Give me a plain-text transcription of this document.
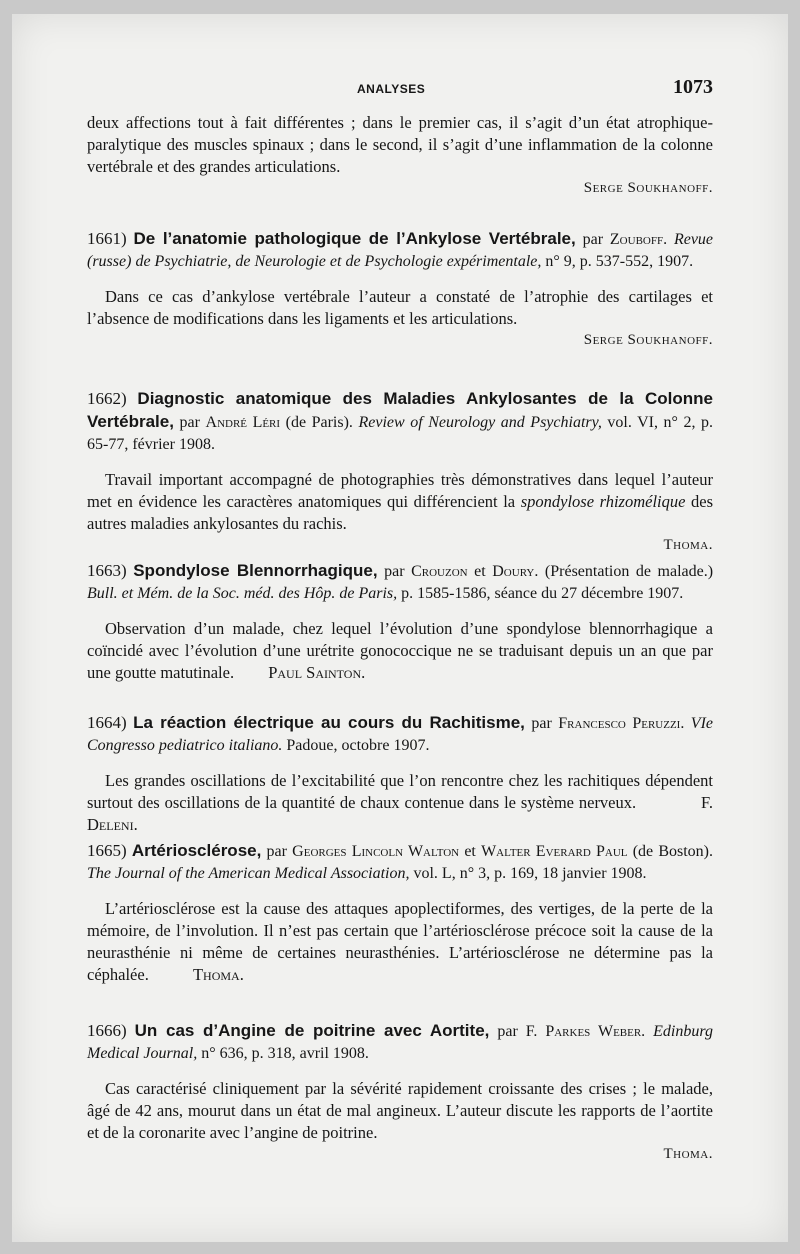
ANALYSES	1073

deux affections tout à fait différentes ; dans le premier cas, il s’agit d’un état atrophique-paralytique des muscles spinaux ; dans le second, il s’agit d’une inflammation de la colonne vertébrale et des grandes articulations.

Serge Soukhanoff.

1661) De l’anatomie pathologique de l’Ankylose Vertébrale, par Zouboff. Revue (russe) de Psychiatrie, de Neurologie et de Psychologie expérimentale, n° 9, p. 537-552, 1907.

Dans ce cas d’ankylose vertébrale l’auteur a constaté de l’atrophie des cartilages et l’absence de modifications dans les ligaments et les articulations.

Serge Soukhanoff.

1662) Diagnostic anatomique des Maladies Ankylosantes de la Colonne Vertébrale, par André Léri (de Paris). Review of Neurology and Psychiatry, vol. VI, n° 2, p. 65-77, février 1908.

Travail important accompagné de photographies très démonstratives dans lequel l’auteur met en évidence les caractères anatomiques qui différencient la spondylose rhizomélique des autres maladies ankylosantes du rachis.

Thoma.

1663) Spondylose Blennorrhagique, par Crouzon et Doury. (Présentation de malade.) Bull. et Mém. de la Soc. méd. des Hôp. de Paris, p. 1585-1586, séance du 27 décembre 1907.

Observation d’un malade, chez lequel l’évolution d’une spondylose blennorrhagique a coïncidé avec l’évolution d’une urétrite gonococcique ne se traduisant depuis un an que par une goutte matutinale. Paul Sainton.

1664) La réaction électrique au cours du Rachitisme, par Francesco Peruzzi. VIe Congresso pediatrico italiano. Padoue, octobre 1907.

Les grandes oscillations de l’excitabilité que l’on rencontre chez les rachitiques dépendent surtout des oscillations de la quantité de chaux contenue dans le système nerveux.	F. Deleni.

1665) Artériosclérose, par Georges Lincoln Walton et Walter Everard Paul (de Boston). The Journal of the American Medical Association, vol. L, n° 3, p. 169, 18 janvier 1908.

L’artériosclérose est la cause des attaques apoplectiformes, des vertiges, de la perte de la mémoire, de l’involution. Il n’est pas certain que l’artériosclérose précoce soit la cause de la neurasthénie ni même de certaines neurasthénies. L’artériosclérose ne détermine pas la céphalée.	Thoma.

1666) Un cas d’Angine de poitrine avec Aortite, par F. Parkes Weber. Edinburg Medical Journal, n° 636, p. 318, avril 1908.

Cas caractérisé cliniquement par la sévérité rapidement croissante des crises ; le malade, âgé de 42 ans, mourut dans un état de mal angineux. L’auteur discute les rapports de l’aortite et de la coronarite avec l’angine de poitrine.

Thoma.
